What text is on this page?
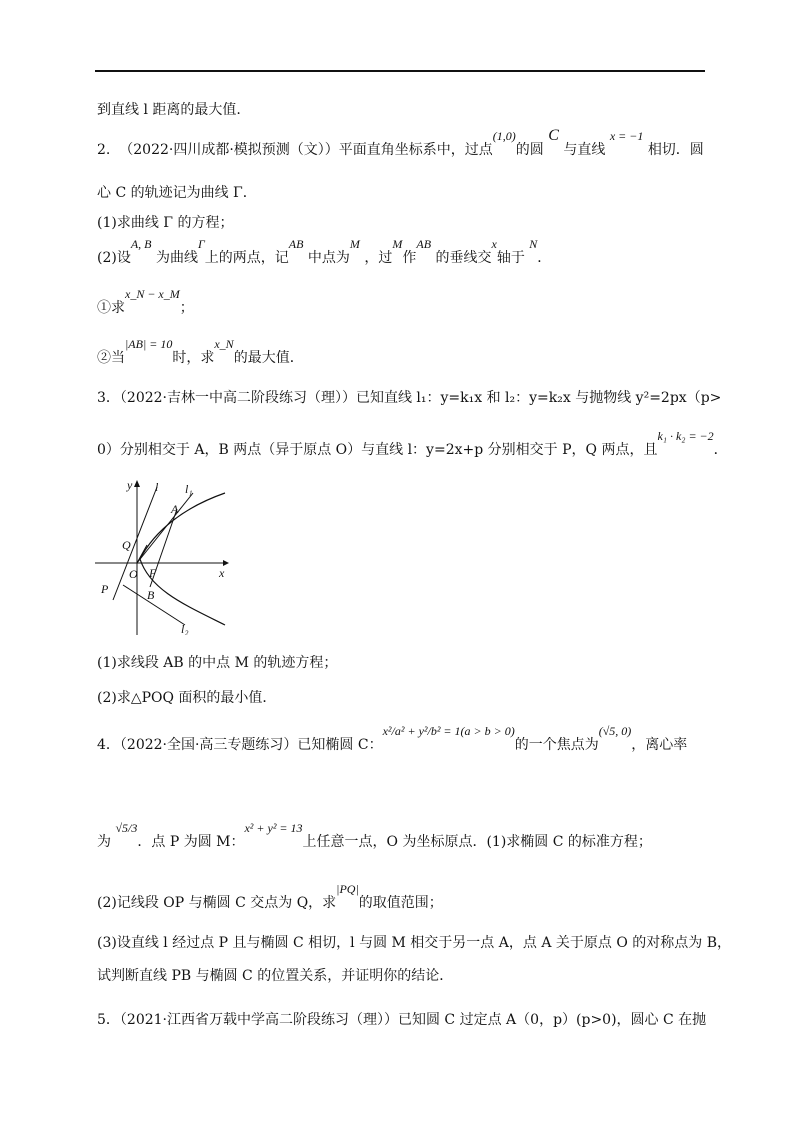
到直线 l 距离的最大值.
2. （2022·四川成都·模拟预测（文））平面直角坐标系中，过点(1,0)的圆 C 与直线 x = −1 相切．圆
心 C 的轨迹记为曲线 Γ．
(1)求曲线 Γ 的方程；
(2)设A, B 为曲线Γ上的两点，记AB 中点为M ，过M作AB 的垂线交x轴于 N．
①求x_N − x_M；
②当|AB| = 10时，求x_N的最大值．
3．（2022·吉林一中高二阶段练习（理））已知直线 l₁：y=k₁x 和 l₂：y=k₂x 与抛物线 y²=2px（p>
0）分别相交于 A，B 两点（异于原点 O）与直线 l：y=2x+p 分别相交于 P，Q 两点，且k₁ · k₂ = −2．
y
x
l l₁
l₂
A
B
Q
O F
P
(1)求线段 AB 的中点 M 的轨迹方程；
(2)求△POQ 面积的最小值．
4．（2022·全国·高三专题练习）已知椭圆 C：x²/a² + y²/b² = 1(a > b > 0)的一个焦点为(√5, 0)，离心率
为 √5/3．点 P 为圆 M：x² + y² = 13上任意一点，O 为坐标原点．(1)求椭圆 C 的标准方程；
(2)记线段 OP 与椭圆 C 交点为 Q，求|PQ|的取值范围；
(3)设直线 l 经过点 P 且与椭圆 C 相切，l 与圆 M 相交于另一点 A，点 A 关于原点 O 的对称点为 B，
试判断直线 PB 与椭圆 C 的位置关系，并证明你的结论．
5．（2021·江西省万载中学高二阶段练习（理））已知圆 C 过定点 A（0，p）(p>0)，圆心 C 在抛
